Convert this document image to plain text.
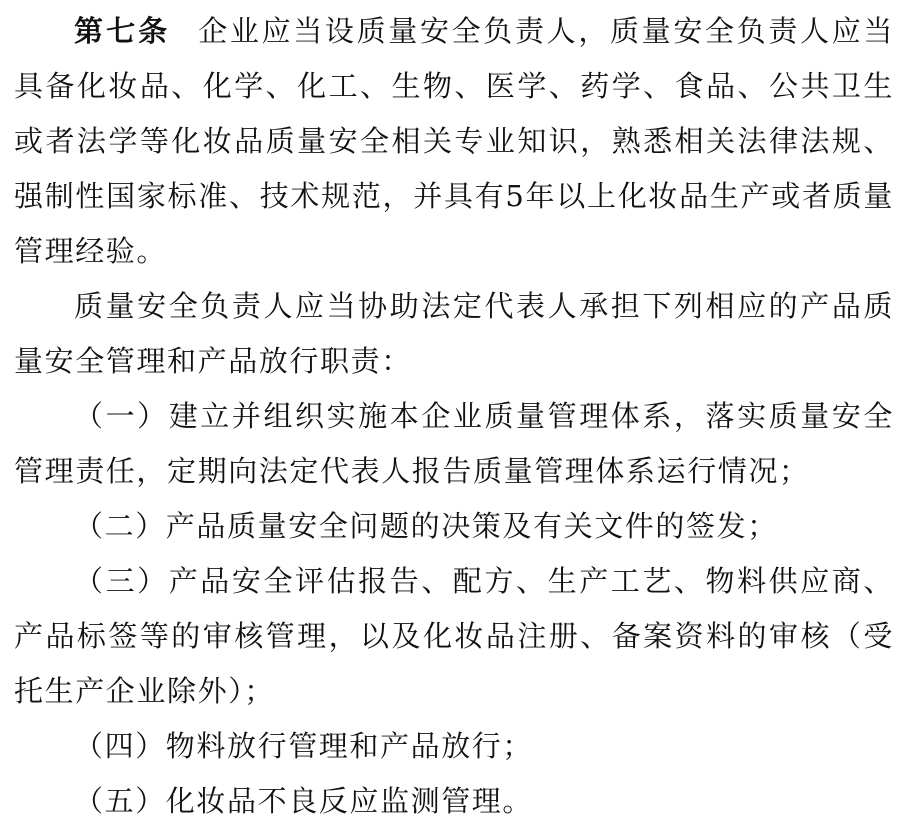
第七条 企业应当设质量安全负责人，质量安全负责人应当具备化妆品、化学、化工、生物、医学、药学、食品、公共卫生或者法学等化妆品质量安全相关专业知识，熟悉相关法律法规、强制性国家标准、技术规范，并具有5年以上化妆品生产或者质量管理经验。

质量安全负责人应当协助法定代表人承担下列相应的产品质量安全管理和产品放行职责：

（一）建立并组织实施本企业质量管理体系，落实质量安全管理责任，定期向法定代表人报告质量管理体系运行情况；

（二）产品质量安全问题的决策及有关文件的签发；

（三）产品安全评估报告、配方、生产工艺、物料供应商、产品标签等的审核管理，以及化妆品注册、备案资料的审核（受托生产企业除外）；

（四）物料放行管理和产品放行；

（五）化妆品不良反应监测管理。
